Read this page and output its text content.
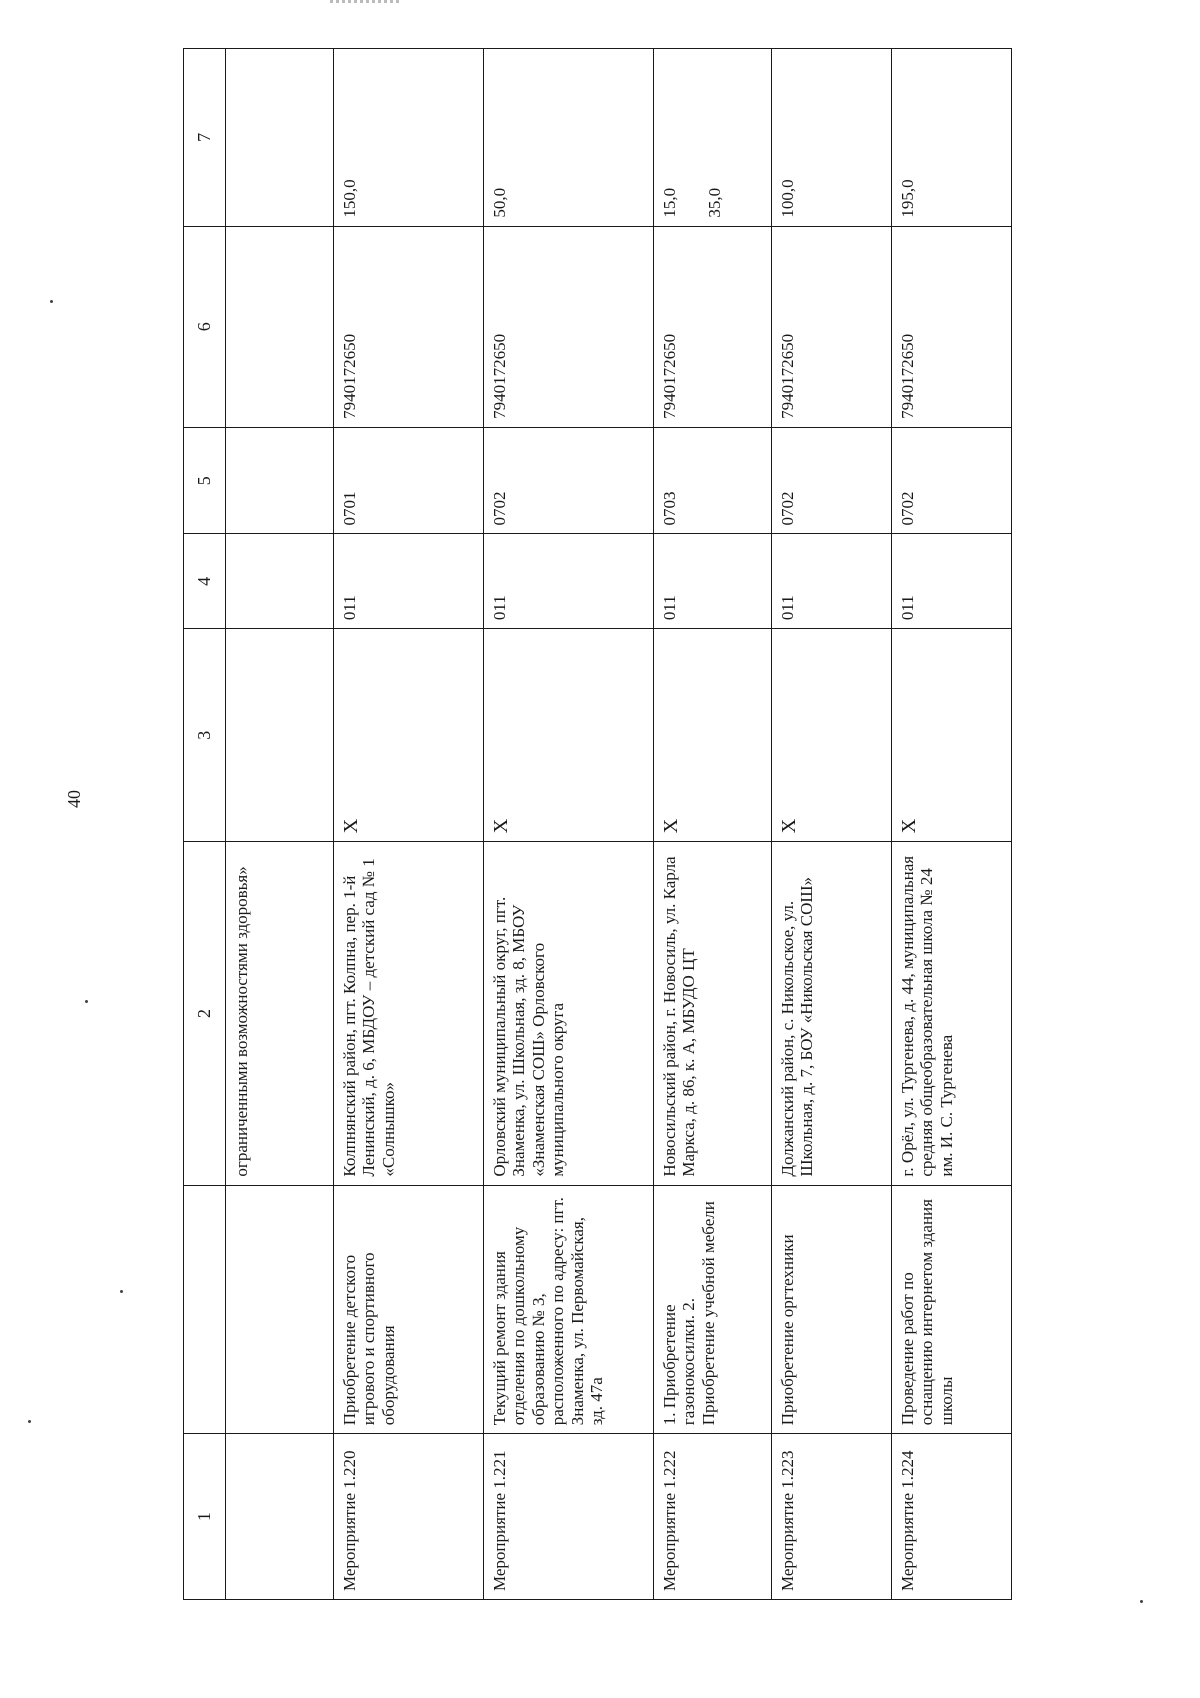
40
1		2	3	4	5	6	7
		ограниченными возможностями здоровья»					
Мероприятие 1.220	Приобретение детского игрового и спортивного оборудования	Колпнянский район, пгт. Колпна, пер. 1-й Ленинский, д. 6, МБДОУ – детский сад № 1 «Солнышко»	Х	011	0701	7940172650	150,0

Мероприятие 1.221	Текущий ремонт здания отделения по дошкольному образованию № 3, расположенного по адресу: пгт. Знаменка, ул. Первомайская, зд. 47а	Орловский муниципальный округ, пгт. Знаменка, ул. Школьная, зд. 8, МБОУ «Знаменская СОШ» Орловского муниципального округа	Х	011	0702	7940172650	50,0

Мероприятие 1.222	1. Приобретение газонокосилки. 2. Приобретение учебной мебели	Новосильский район, г. Новосиль, ул. Карла Маркса, д. 86, к. А, МБУДО ЦТ	Х	011	0703	7940172650	15,0 35,0

Мероприятие 1.223	Приобретение оргтехники	Должанский район, с. Никольское, ул. Школьная, д. 7, БОУ «Никольская СОШ»	Х	011	0702	7940172650	100,0

Мероприятие 1.224	Проведение работ по оснащению интернетом здания школы	г. Орёл, ул. Тургенева, д. 44, муниципальная средняя общеобразовательная школа № 24 им. И. С. Тургенева	Х	011	0702	7940172650	195,0
